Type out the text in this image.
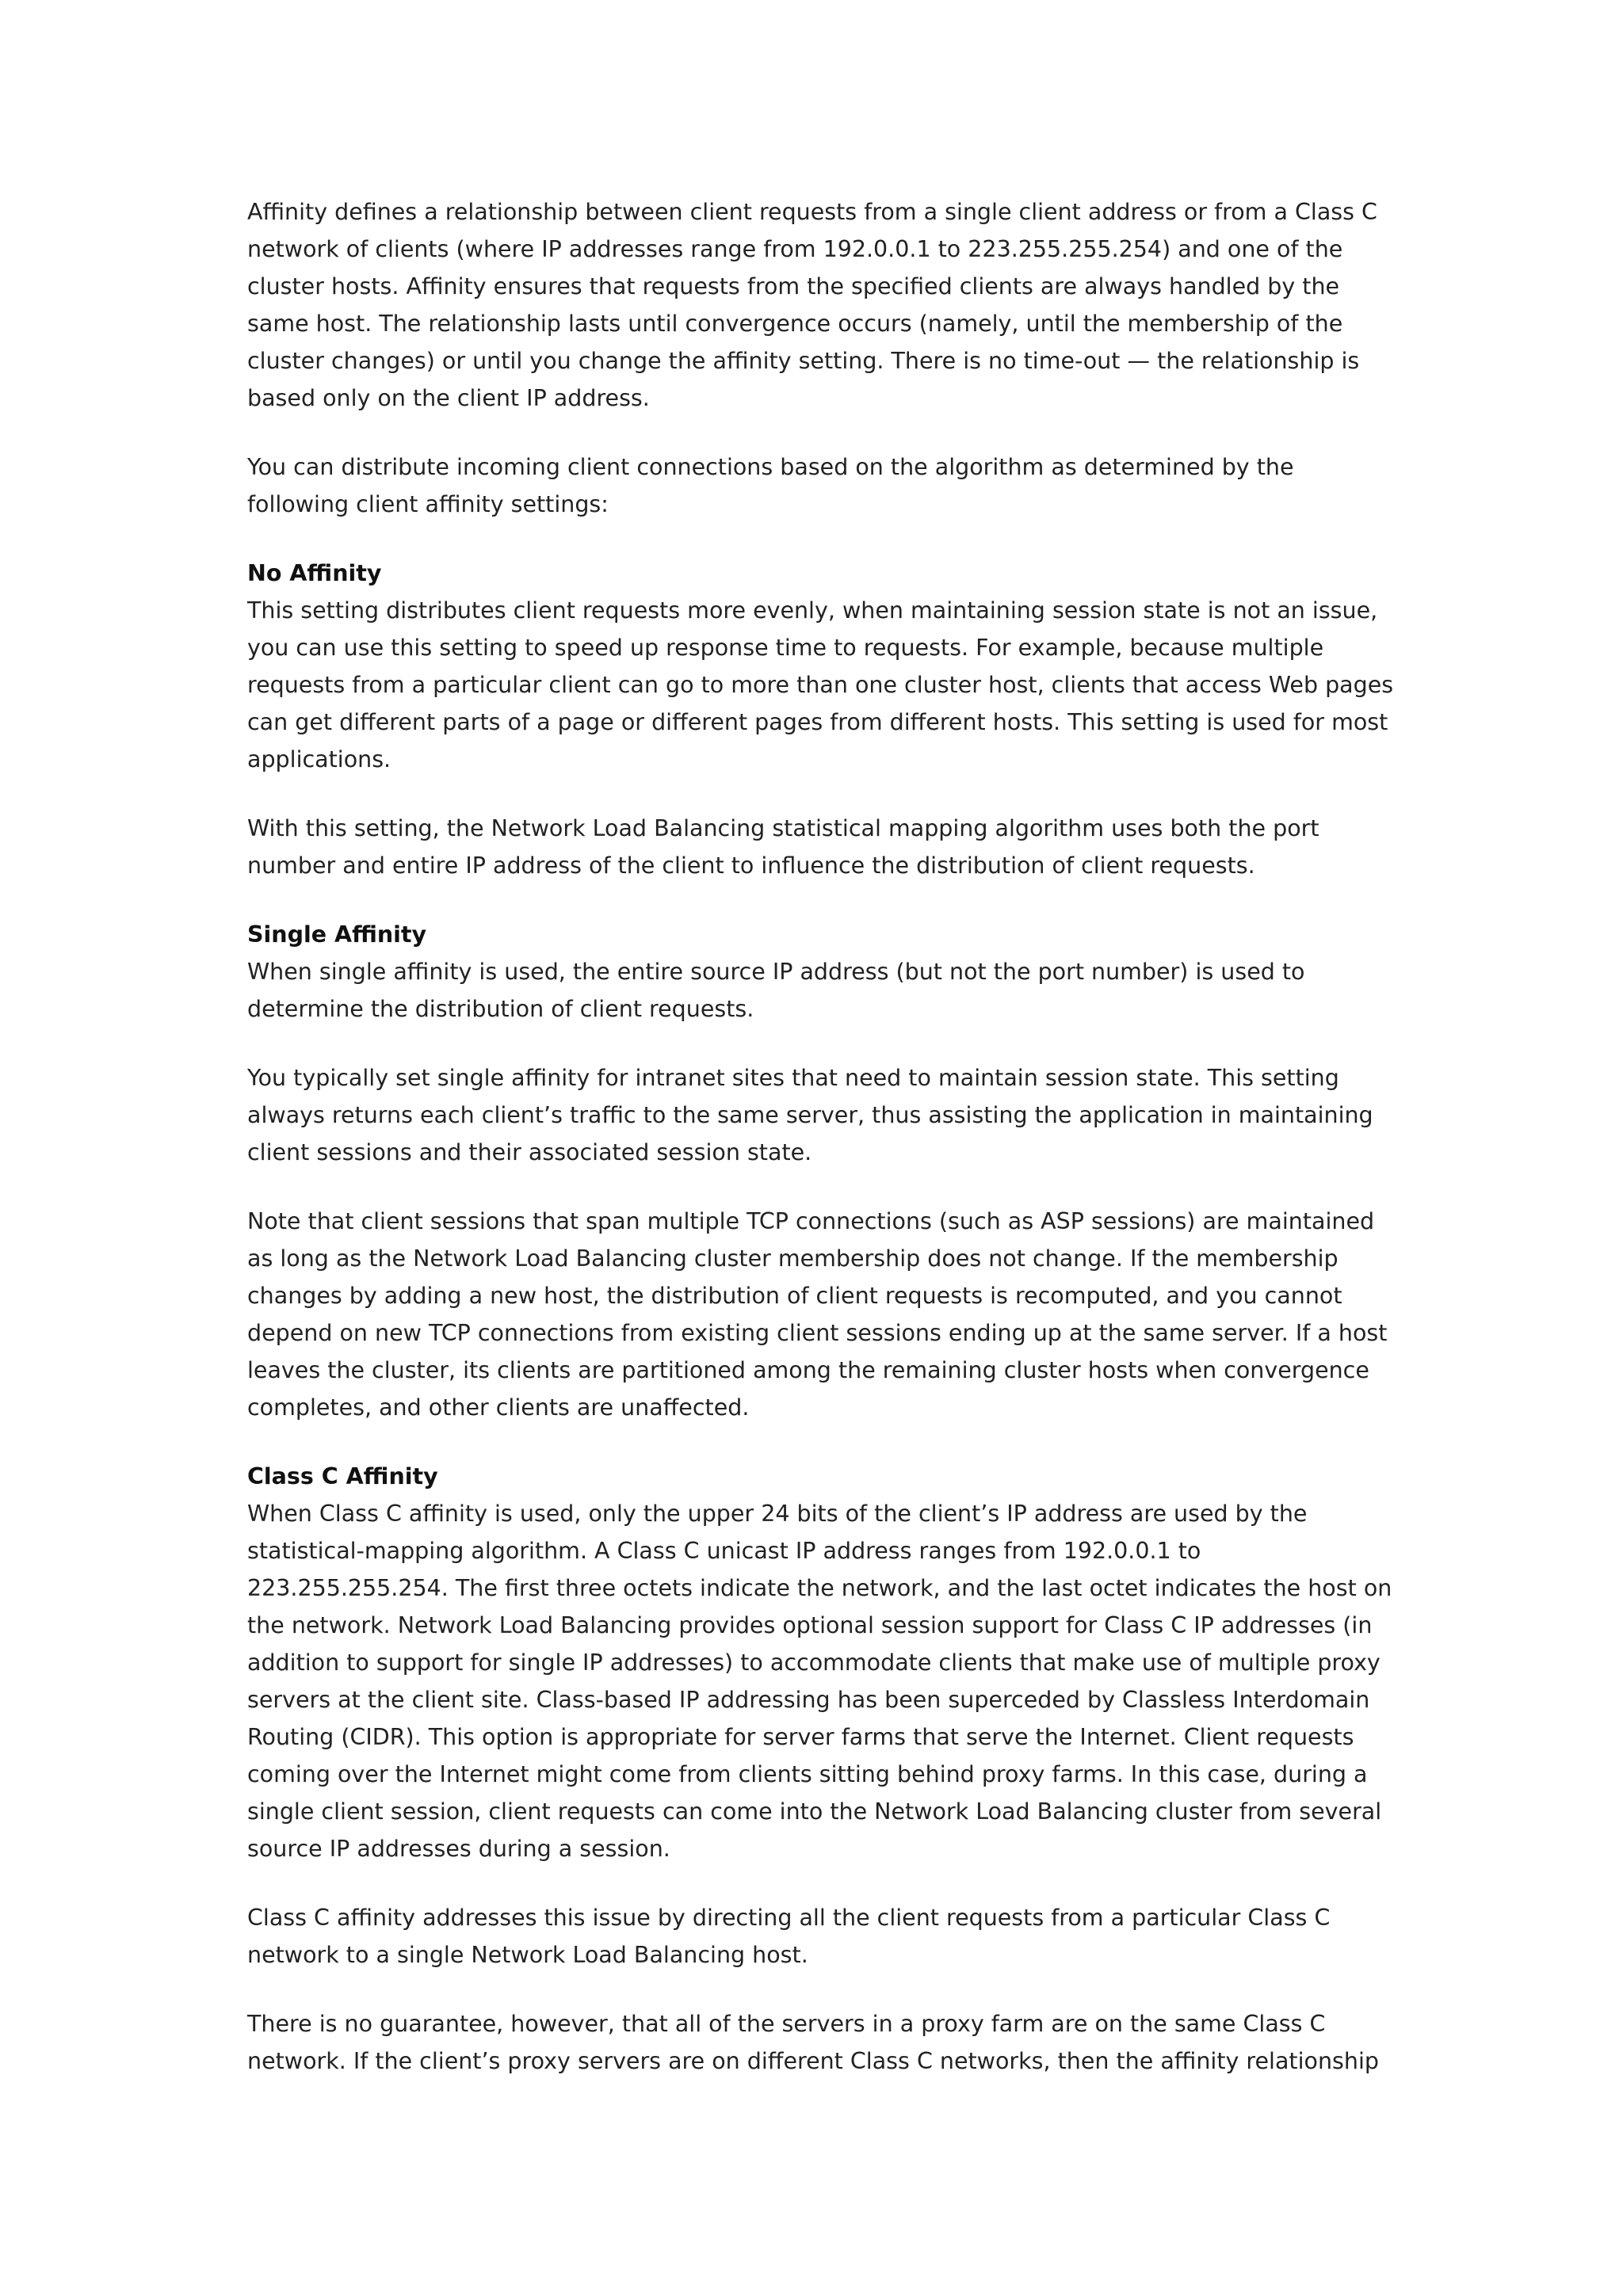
Affinity defines a relationship between client requests from a single client address or from a Class C network of clients (where IP addresses range from 192.0.0.1 to 223.255.255.254) and one of the cluster hosts. Affinity ensures that requests from the specified clients are always handled by the same host. The relationship lasts until convergence occurs (namely, until the membership of the cluster changes) or until you change the affinity setting. There is no time-out — the relationship is based only on the client IP address.

You can distribute incoming client connections based on the algorithm as determined by the following client affinity settings:

No Affinity

This setting distributes client requests more evenly, when maintaining session state is not an issue, you can use this setting to speed up response time to requests. For example, because multiple requests from a particular client can go to more than one cluster host, clients that access Web pages can get different parts of a page or different pages from different hosts. This setting is used for most applications.

With this setting, the Network Load Balancing statistical mapping algorithm uses both the port number and entire IP address of the client to influence the distribution of client requests.

Single Affinity

When single affinity is used, the entire source IP address (but not the port number) is used to determine the distribution of client requests.

You typically set single affinity for intranet sites that need to maintain session state. This setting always returns each client’s traffic to the same server, thus assisting the application in maintaining client sessions and their associated session state.

Note that client sessions that span multiple TCP connections (such as ASP sessions) are maintained as long as the Network Load Balancing cluster membership does not change. If the membership changes by adding a new host, the distribution of client requests is recomputed, and you cannot depend on new TCP connections from existing client sessions ending up at the same server. If a host leaves the cluster, its clients are partitioned among the remaining cluster hosts when convergence completes, and other clients are unaffected.

Class C Affinity

When Class C affinity is used, only the upper 24 bits of the client’s IP address are used by the statistical-mapping algorithm. A Class C unicast IP address ranges from 192.0.0.1 to 223.255.255.254. The first three octets indicate the network, and the last octet indicates the host on the network. Network Load Balancing provides optional session support for Class C IP addresses (in addition to support for single IP addresses) to accommodate clients that make use of multiple proxy servers at the client site. Class-based IP addressing has been superceded by Classless Interdomain Routing (CIDR). This option is appropriate for server farms that serve the Internet. Client requests coming over the Internet might come from clients sitting behind proxy farms. In this case, during a single client session, client requests can come into the Network Load Balancing cluster from several source IP addresses during a session.

Class C affinity addresses this issue by directing all the client requests from a particular Class C network to a single Network Load Balancing host.

There is no guarantee, however, that all of the servers in a proxy farm are on the same Class C network. If the client’s proxy servers are on different Class C networks, then the affinity relationship
